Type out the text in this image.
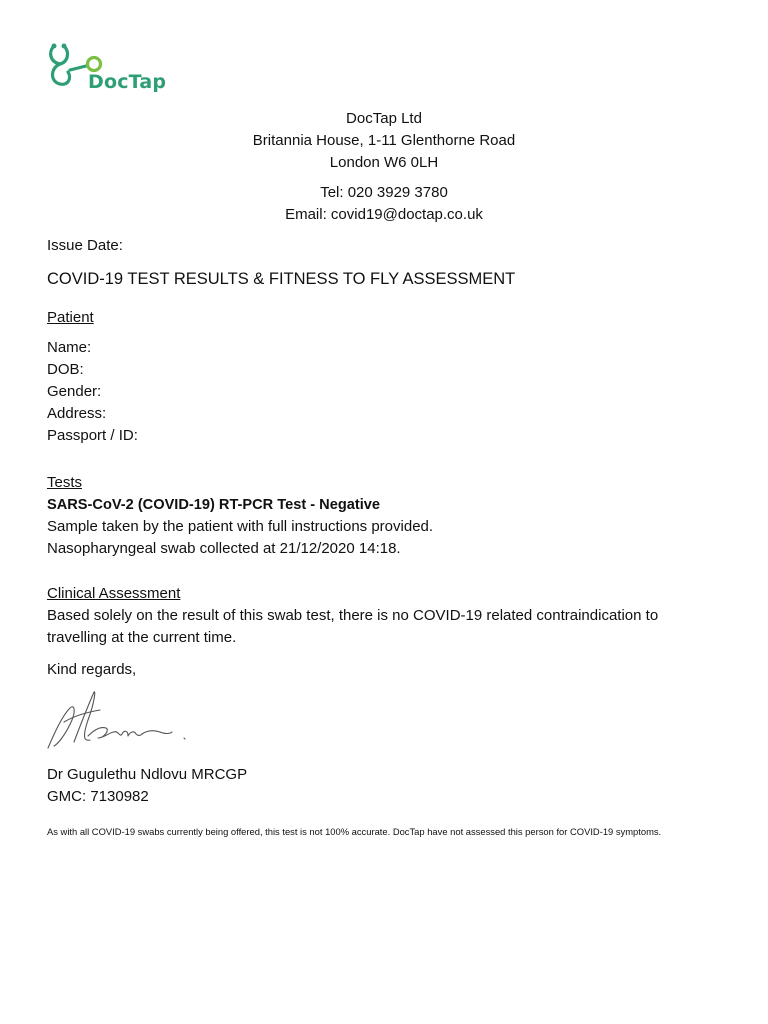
DocTap
DocTap Ltd
Britannia House, 1-11 Glenthorne Road
London W6 0LH
Tel: 020 3929 3780
Email: covid19@doctap.co.uk
Issue Date:
COVID-19 TEST RESULTS & FITNESS TO FLY ASSESSMENT
Patient
Name:
DOB:
Gender:
Address:
Passport / ID:
Tests
SARS-CoV-2 (COVID-19) RT-PCR Test - Negative
Sample taken by the patient with full instructions provided.
Nasopharyngeal swab collected at 21/12/2020 14:18.
Clinical Assessment
Based solely on the result of this swab test, there is no COVID-19 related contraindication to travelling at the current time.
Kind regards,
Dr Gugulethu Ndlovu MRCGP
GMC: 7130982
As with all COVID-19 swabs currently being offered, this test is not 100% accurate. DocTap have not assessed this person for COVID-19 symptoms.
